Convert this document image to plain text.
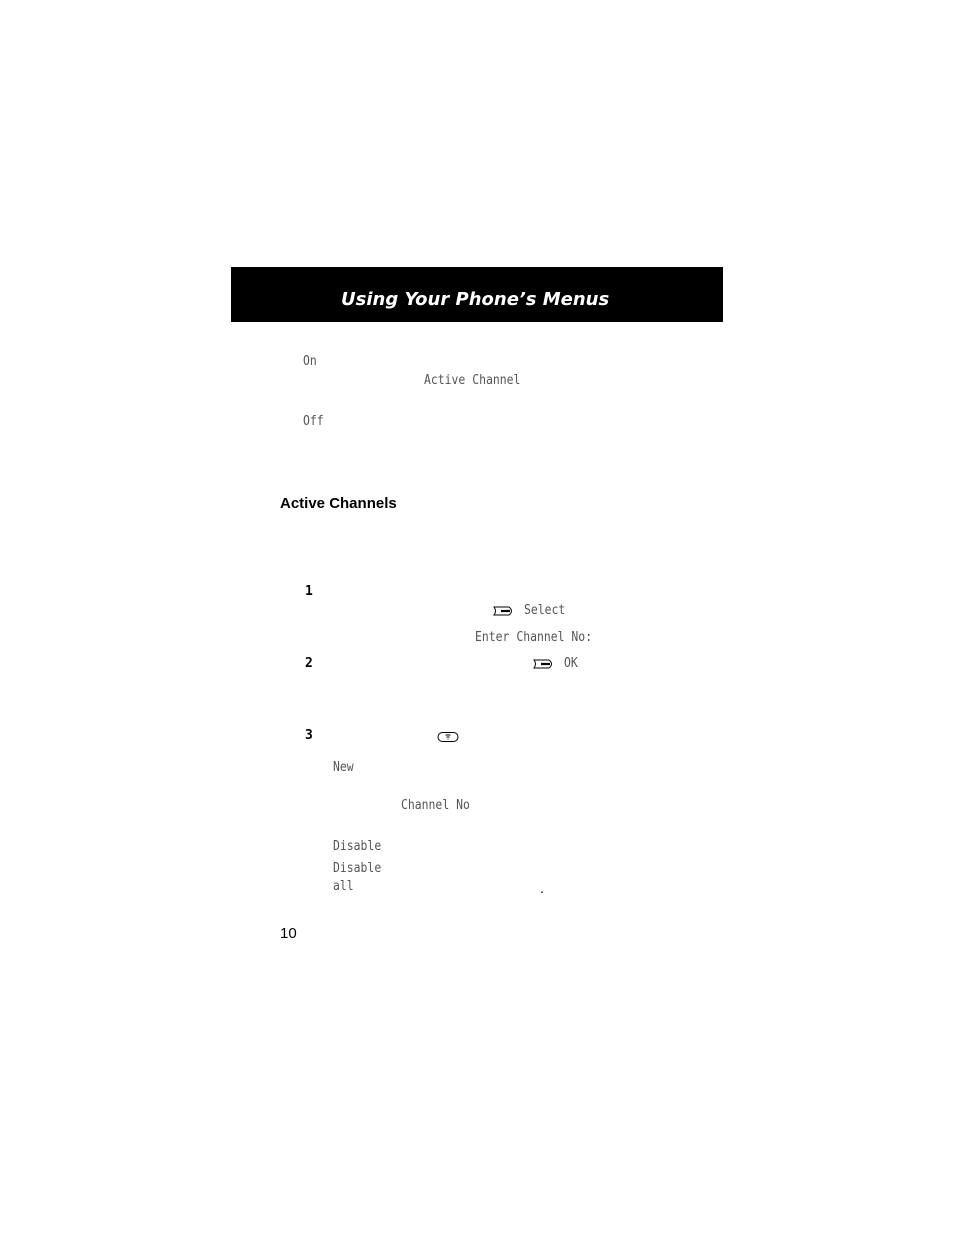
Using Your Phone’s Menus
On
Active Channel
Off
Active Channels
1
Select
Enter Channel No:
2	OK
3
New
Channel No
Disable
Disable
all	.
10
